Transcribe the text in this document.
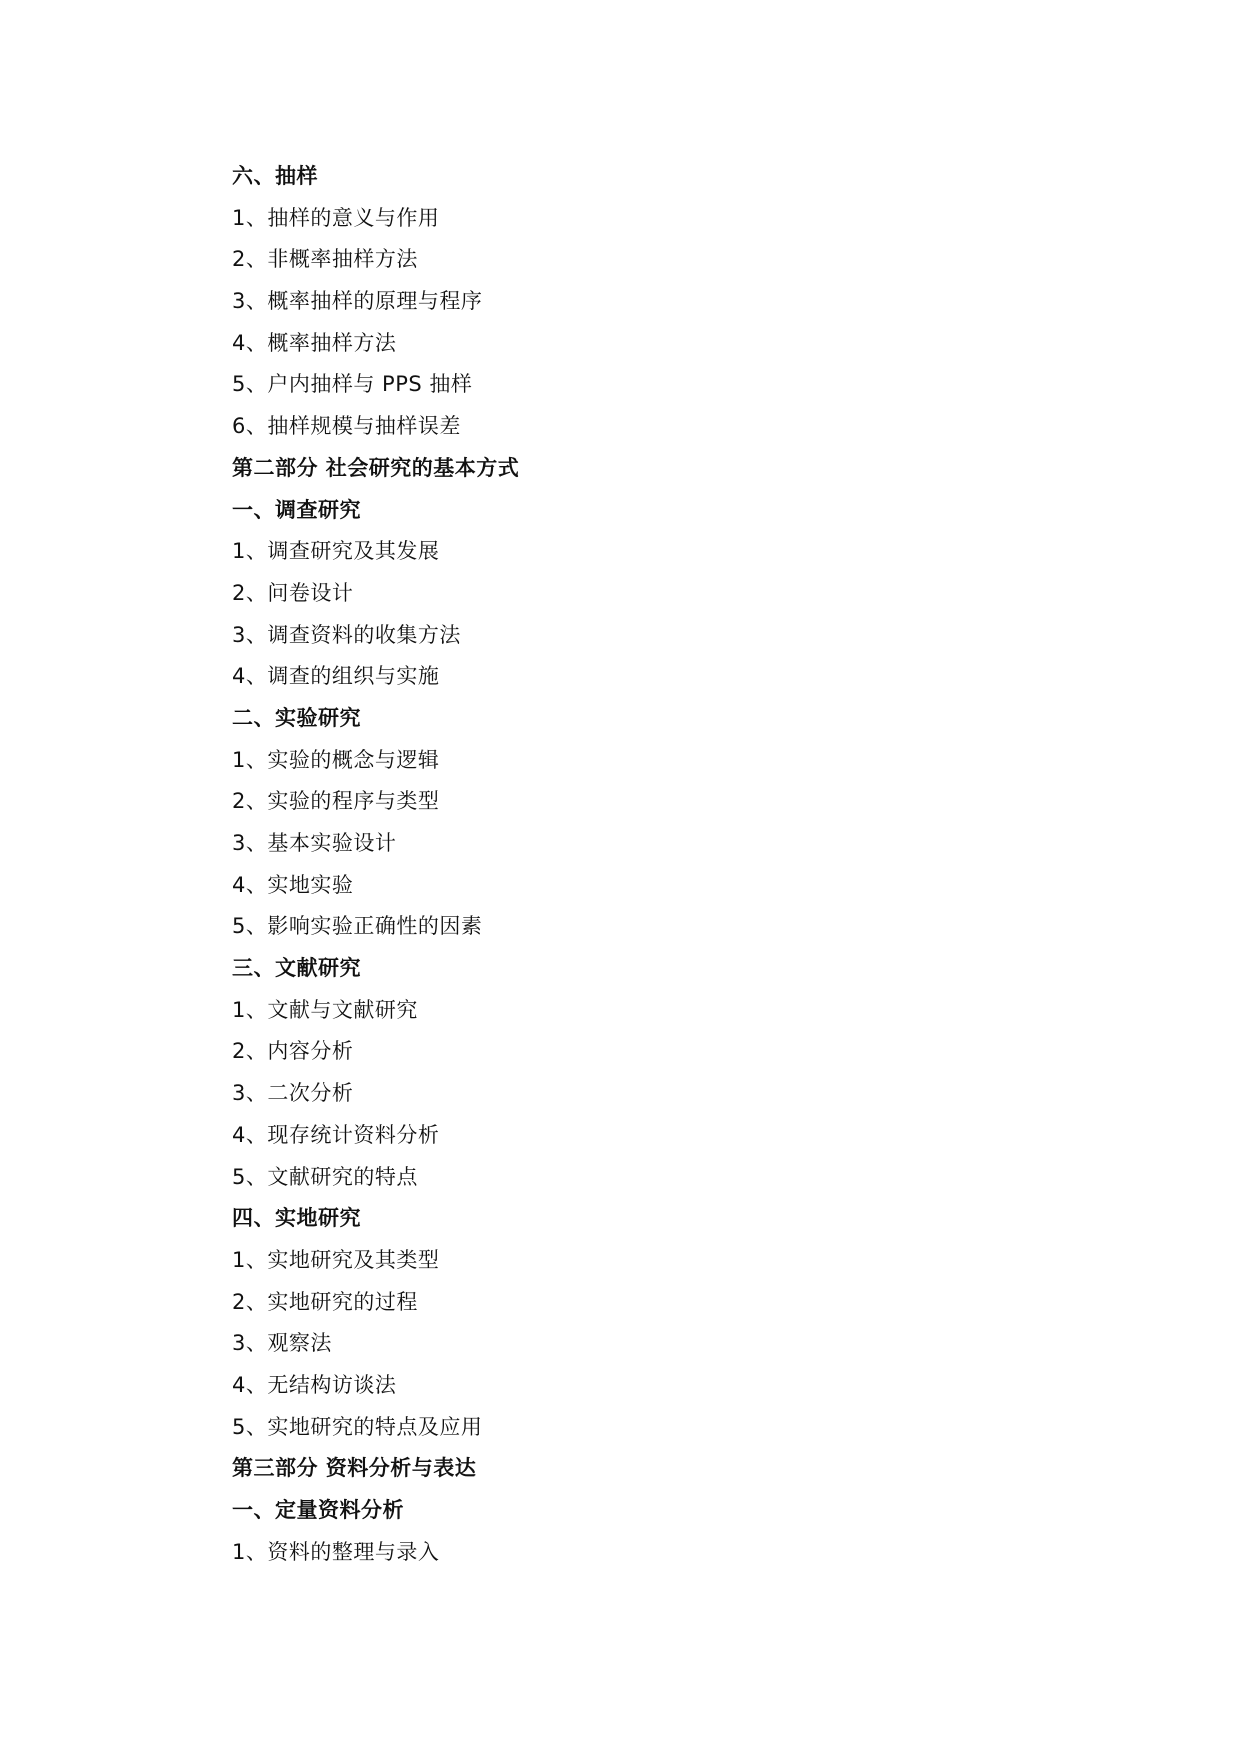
六、抽样
1、抽样的意义与作用
2、非概率抽样方法
3、概率抽样的原理与程序
4、概率抽样方法
5、户内抽样与 PPS 抽样
6、抽样规模与抽样误差
第二部分 社会研究的基本方式
一、调查研究
1、调查研究及其发展
2、问卷设计
3、调查资料的收集方法
4、调查的组织与实施
二、实验研究
1、实验的概念与逻辑
2、实验的程序与类型
3、基本实验设计
4、实地实验
5、影响实验正确性的因素
三、文献研究
1、文献与文献研究
2、内容分析
3、二次分析
4、现存统计资料分析
5、文献研究的特点
四、实地研究
1、实地研究及其类型
2、实地研究的过程
3、观察法
4、无结构访谈法
5、实地研究的特点及应用
第三部分 资料分析与表达
一、定量资料分析
1、资料的整理与录入
